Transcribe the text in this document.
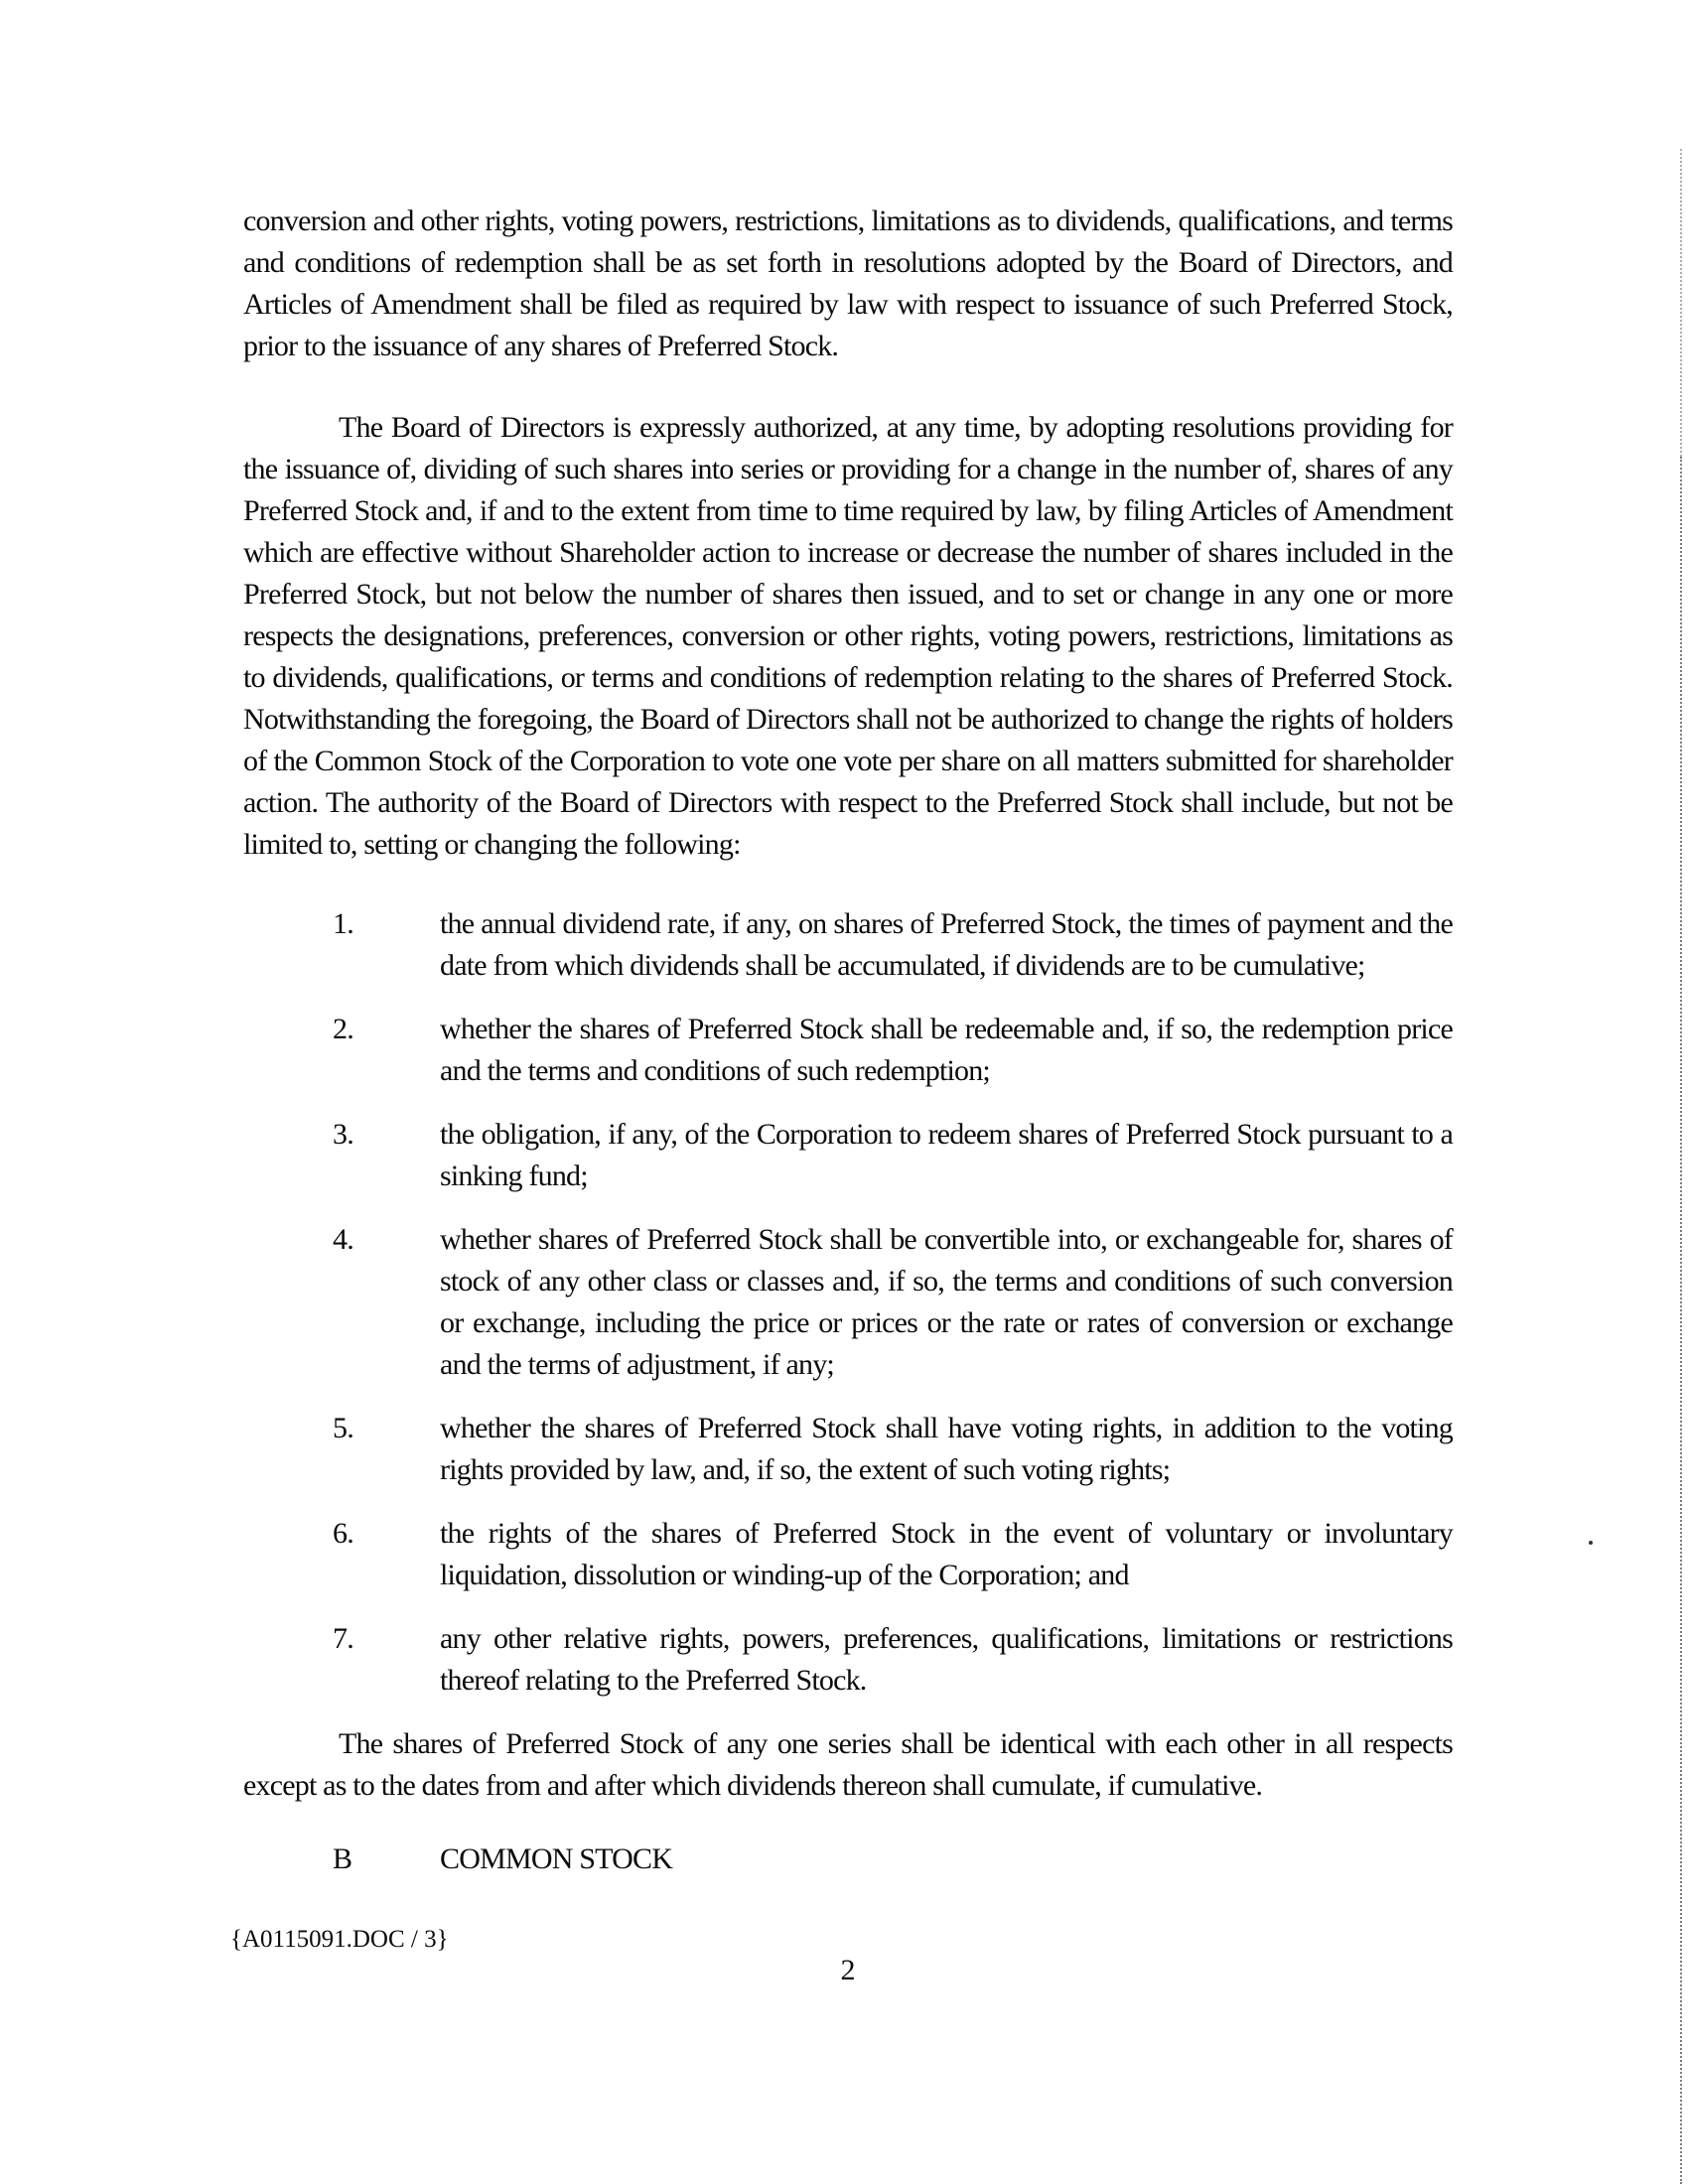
conversion and other rights, voting powers, restrictions, limitations as to dividends, qualifications, and terms and conditions of redemption shall be as set forth in resolutions adopted by the Board of Directors, and Articles of Amendment shall be filed as required by law with respect to issuance of such Preferred Stock, prior to the issuance of any shares of Preferred Stock.
The Board of Directors is expressly authorized, at any time, by adopting resolutions providing for the issuance of, dividing of such shares into series or providing for a change in the number of, shares of any Preferred Stock and, if and to the extent from time to time required by law, by filing Articles of Amendment which are effective without Shareholder action to increase or decrease the number of shares included in the Preferred Stock, but not below the number of shares then issued, and to set or change in any one or more respects the designations, preferences, conversion or other rights, voting powers, restrictions, limitations as to dividends, qualifications, or terms and conditions of redemption relating to the shares of Preferred Stock. Notwithstanding the foregoing, the Board of Directors shall not be authorized to change the rights of holders of the Common Stock of the Corporation to vote one vote per share on all matters submitted for shareholder action. The authority of the Board of Directors with respect to the Preferred Stock shall include, but not be limited to, setting or changing the following:
1.	the annual dividend rate, if any, on shares of Preferred Stock, the times of payment and the date from which dividends shall be accumulated, if dividends are to be cumulative;
2.	whether the shares of Preferred Stock shall be redeemable and, if so, the redemption price and the terms and conditions of such redemption;
3.	the obligation, if any, of the Corporation to redeem shares of Preferred Stock pursuant to a sinking fund;
4.	whether shares of Preferred Stock shall be convertible into, or exchangeable for, shares of stock of any other class or classes and, if so, the terms and conditions of such conversion or exchange, including the price or prices or the rate or rates of conversion or exchange and the terms of adjustment, if any;
5.	whether the shares of Preferred Stock shall have voting rights, in addition to the voting rights provided by law, and, if so, the extent of such voting rights;
6.	the rights of the shares of Preferred Stock in the event of voluntary or involuntary liquidation, dissolution or winding-up of the Corporation; and
7.	any other relative rights, powers, preferences, qualifications, limitations or restrictions thereof relating to the Preferred Stock.
The shares of Preferred Stock of any one series shall be identical with each other in all respects except as to the dates from and after which dividends thereon shall cumulate, if cumulative.
B	COMMON STOCK
{A0115091.DOC / 3}
2
